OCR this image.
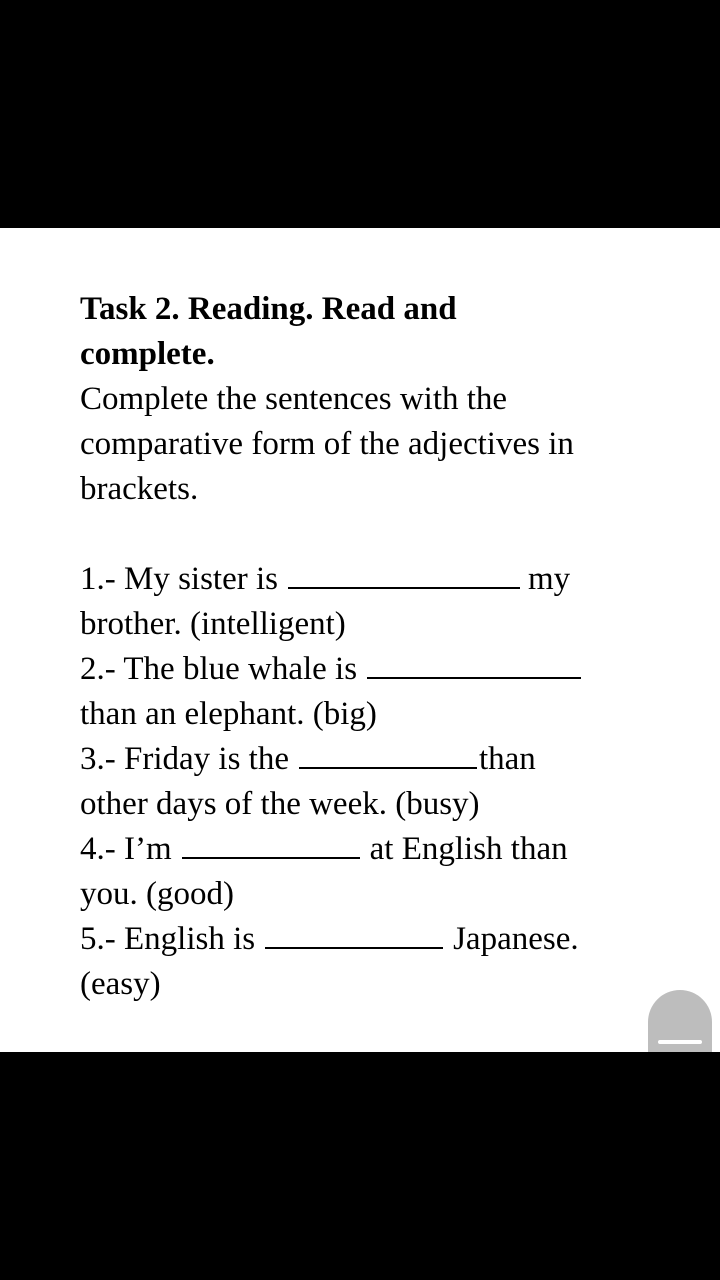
Task 2. Reading. Read and
complete.

Complete the sentences with the
comparative form of the adjectives in
brackets.

1.- My sister is	my
brother. (intelligent)

2.- The blue whale is
than an elephant. (big)

3.- Friday is the	than
other days of the week. (busy)

4.- I’m	at English than
you. (good)

5.- English is	Japanese.
(easy)
